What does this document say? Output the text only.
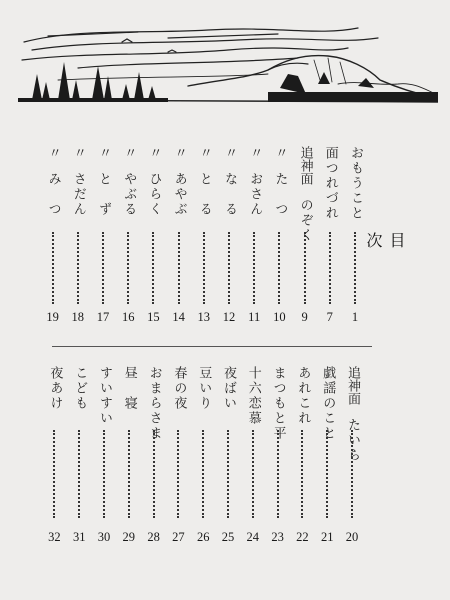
目　次
おもうこと
1
面つれづれ
7
追神面　のぞく
9
〃　た　つ
10
〃　おさん
11
〃　な　る
12
〃　と　る
13
〃　あやぶ
14
〃　ひらく
15
〃　やぶる
16
〃　と　ず
17
〃　さだん
18
〃　み　つ
19
追神面　たいら
20
戯謡のこと
21
あれこれ
22
まつもと平
23
十六恋慕
24
夜ばい
25
豆いり
26
春の夜
27
おまらさま
28
昼　寝
29
すいすい
30
こども
31
夜あけ
32
